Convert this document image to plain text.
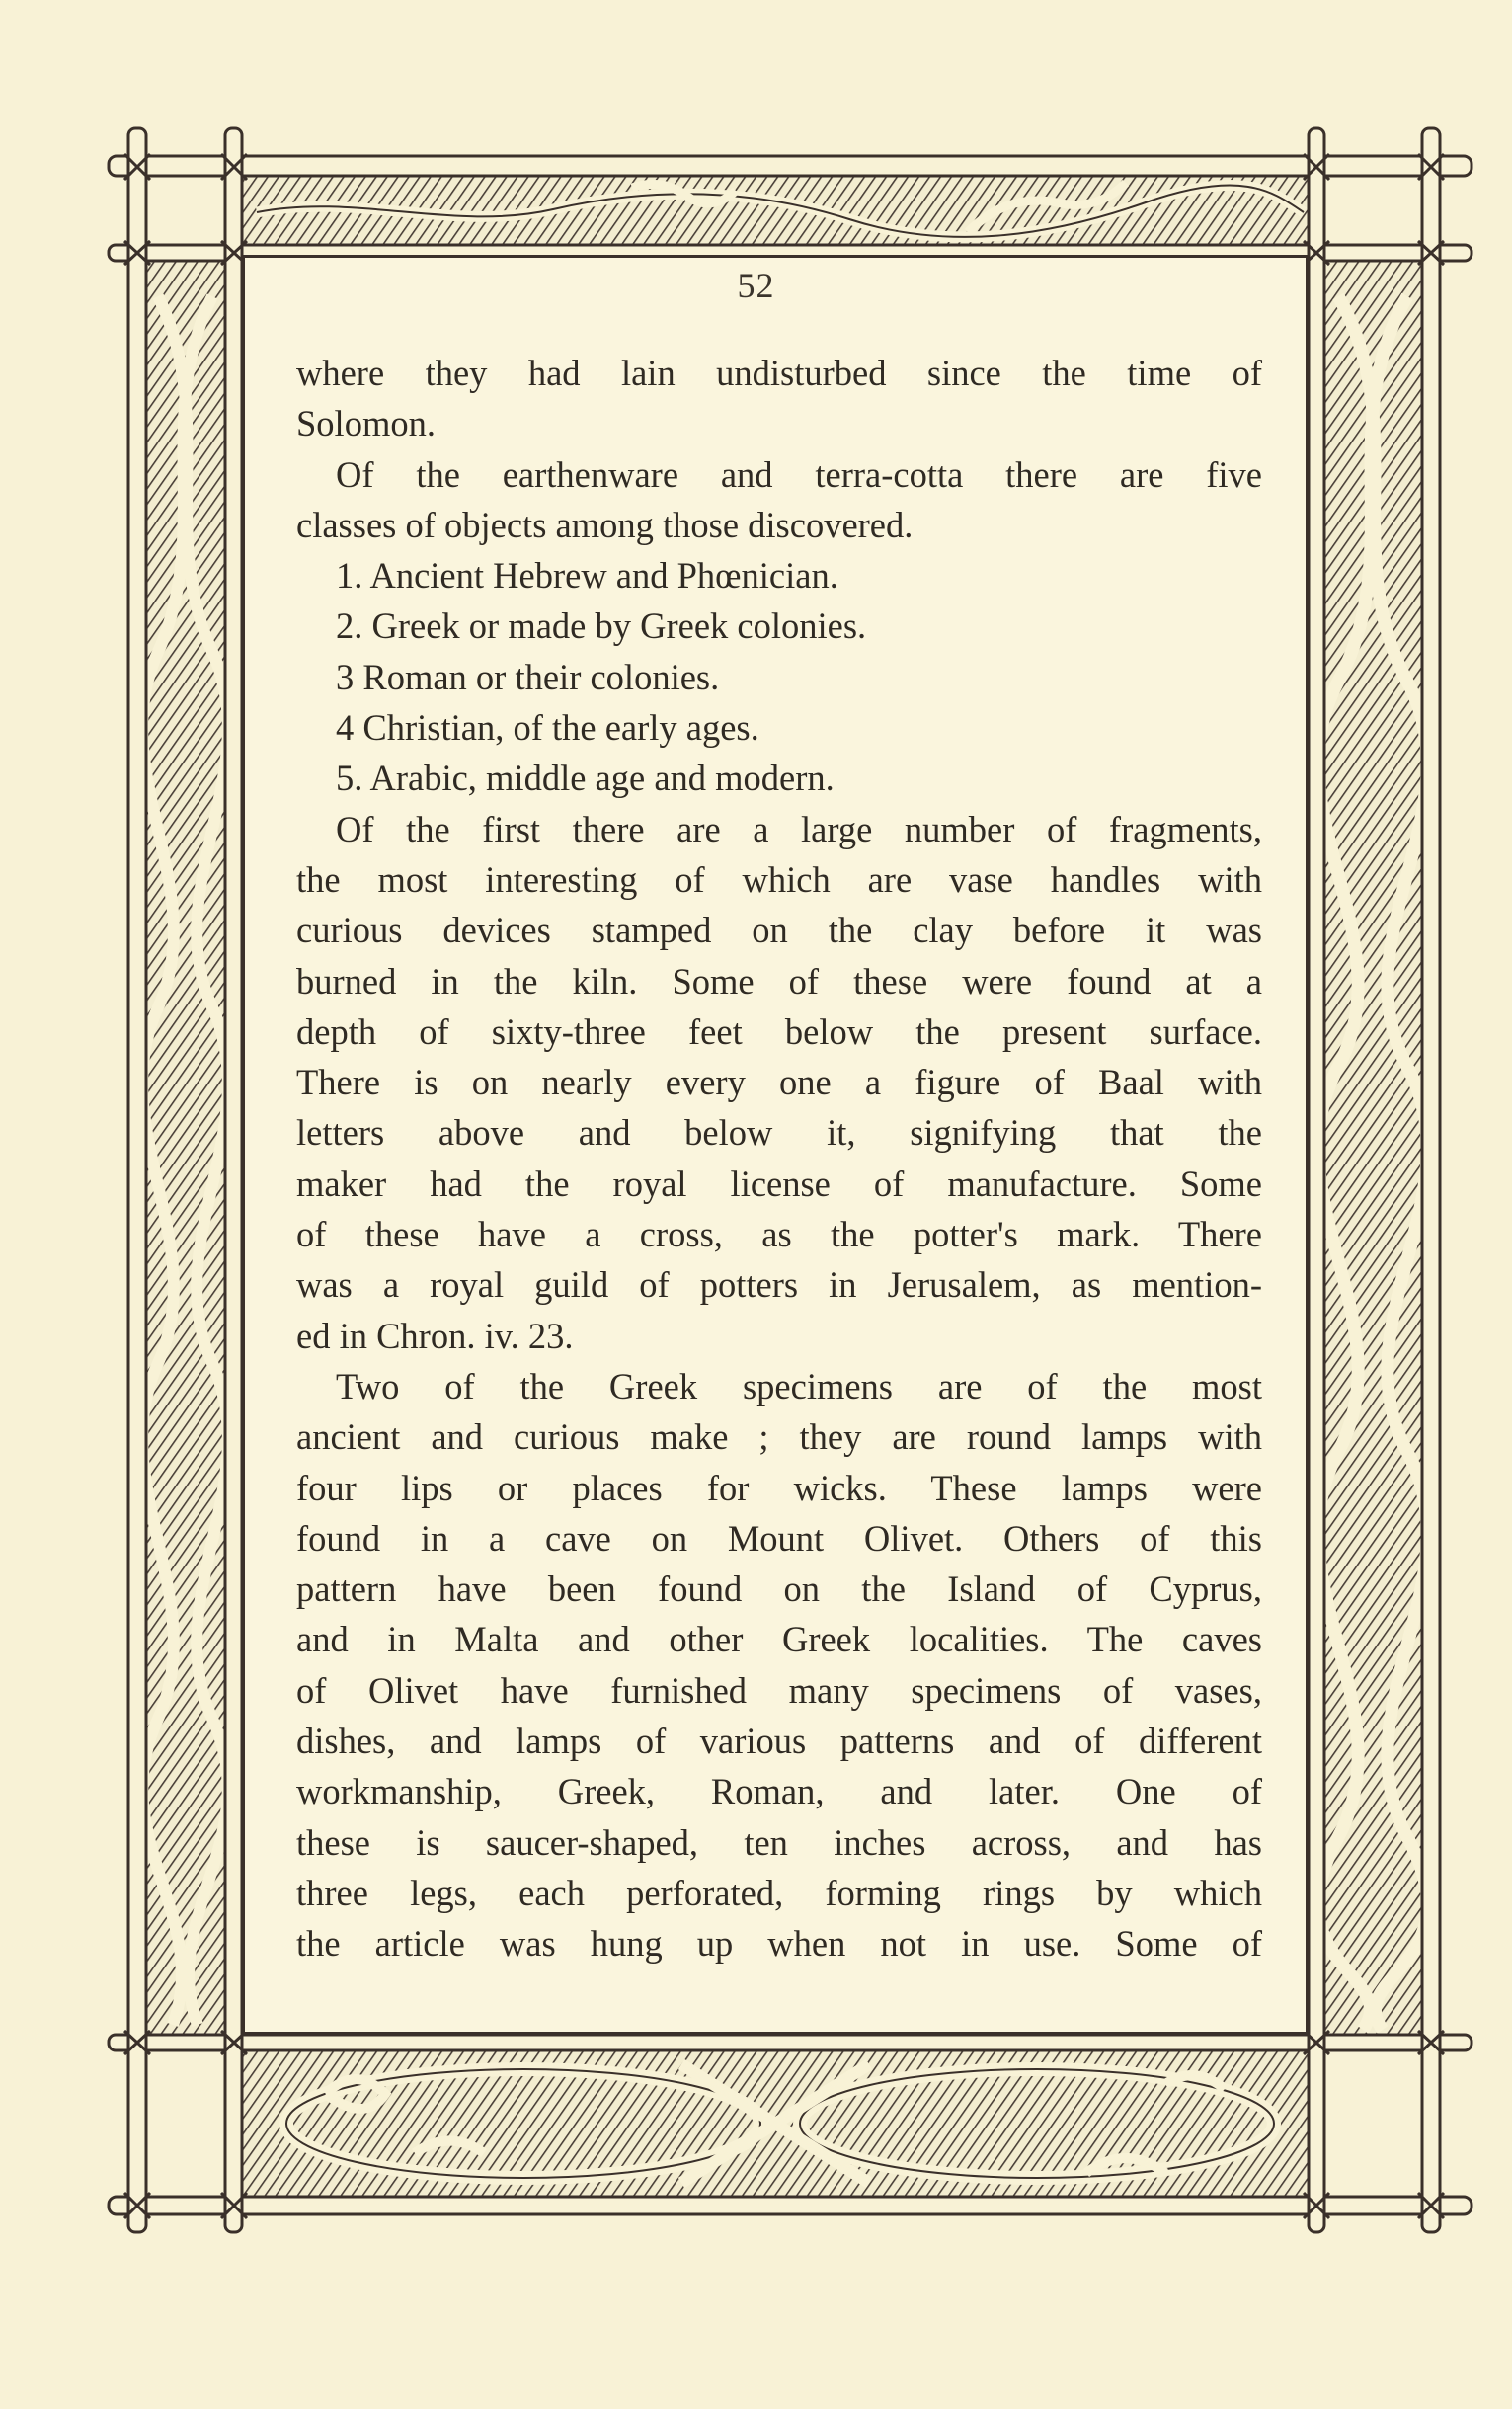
52
where they had lain undisturbed since the time of
Solomon.
Of the earthenware and terra-cotta there are five
classes of objects among those discovered.
1. Ancient Hebrew and Phœnician.
2. Greek or made by Greek colonies.
3 Roman or their colonies.
4 Christian, of the early ages.
5. Arabic, middle age and modern.
Of the first there are a large number of fragments,
the most interesting of which are vase handles with
curious devices stamped on the clay before it was
burned in the kiln. Some of these were found at a
depth of sixty-three feet below the present surface.
There is on nearly every one a figure of Baal with
letters above and below it, signifying that the
maker had the royal license of manufacture. Some
of these have a cross, as the potter's mark. There
was a royal guild of potters in Jerusalem, as mention-
ed in Chron. iv. 23.
Two of the Greek specimens are of the most
ancient and curious make ; they are round lamps with
four lips or places for wicks. These lamps were
found in a cave on Mount Olivet. Others of this
pattern have been found on the Island of Cyprus,
and in Malta and other Greek localities. The caves
of Olivet have furnished many specimens of vases,
dishes, and lamps of various patterns and of different
workmanship, Greek, Roman, and later. One of
these is saucer-shaped, ten inches across, and has
three legs, each perforated, forming rings by which
the article was hung up when not in use. Some of
